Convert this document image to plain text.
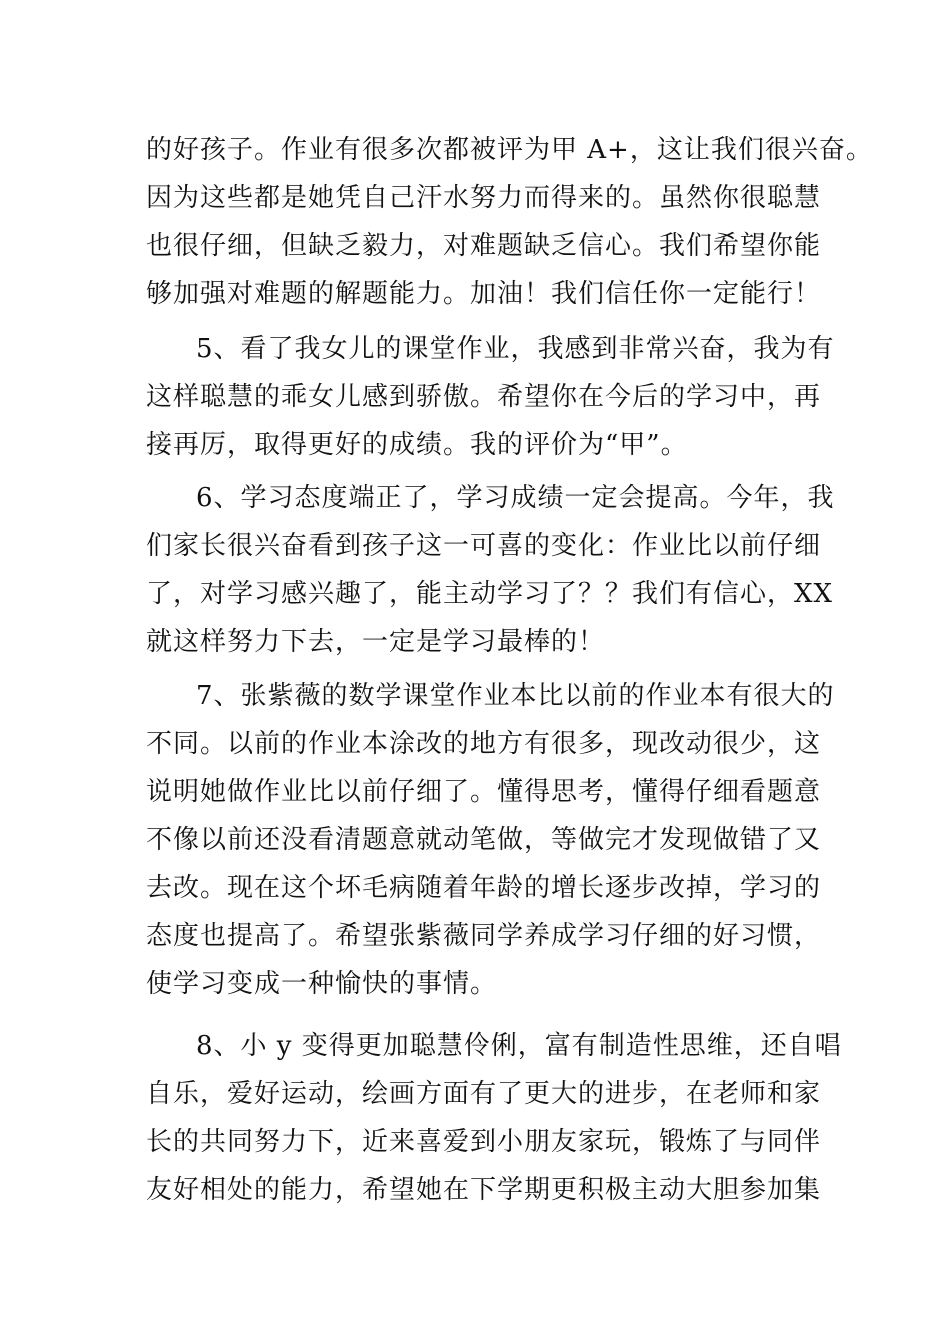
的好孩子。作业有很多次都被评为甲 A+，这让我们很兴奋。
因为这些都是她凭自己汗水努力而得来的。虽然你很聪慧
也很仔细，但缺乏毅力，对难题缺乏信心。我们希望你能
够加强对难题的解题能力。加油！我们信任你一定能行！
5、看了我女儿的课堂作业，我感到非常兴奋，我为有
这样聪慧的乖女儿感到骄傲。希望你在今后的学习中，再
接再厉，取得更好的成绩。我的评价为“甲”。
6、学习态度端正了，学习成绩一定会提高。今年，我
们家长很兴奋看到孩子这一可喜的变化：作业比以前仔细
了，对学习感兴趣了，能主动学习了？？我们有信心，XX
就这样努力下去，一定是学习最棒的！
7、张紫薇的数学课堂作业本比以前的作业本有很大的
不同。以前的作业本涂改的地方有很多，现改动很少，这
说明她做作业比以前仔细了。懂得思考，懂得仔细看题意
不像以前还没看清题意就动笔做，等做完才发现做错了又
去改。现在这个坏毛病随着年龄的增长逐步改掉，学习的
态度也提高了。希望张紫薇同学养成学习仔细的好习惯，
使学习变成一种愉快的事情。
8、小 y 变得更加聪慧伶俐，富有制造性思维，还自唱
自乐，爱好运动，绘画方面有了更大的进步，在老师和家
长的共同努力下，近来喜爱到小朋友家玩，锻炼了与同伴
友好相处的能力，希望她在下学期更积极主动大胆参加集
